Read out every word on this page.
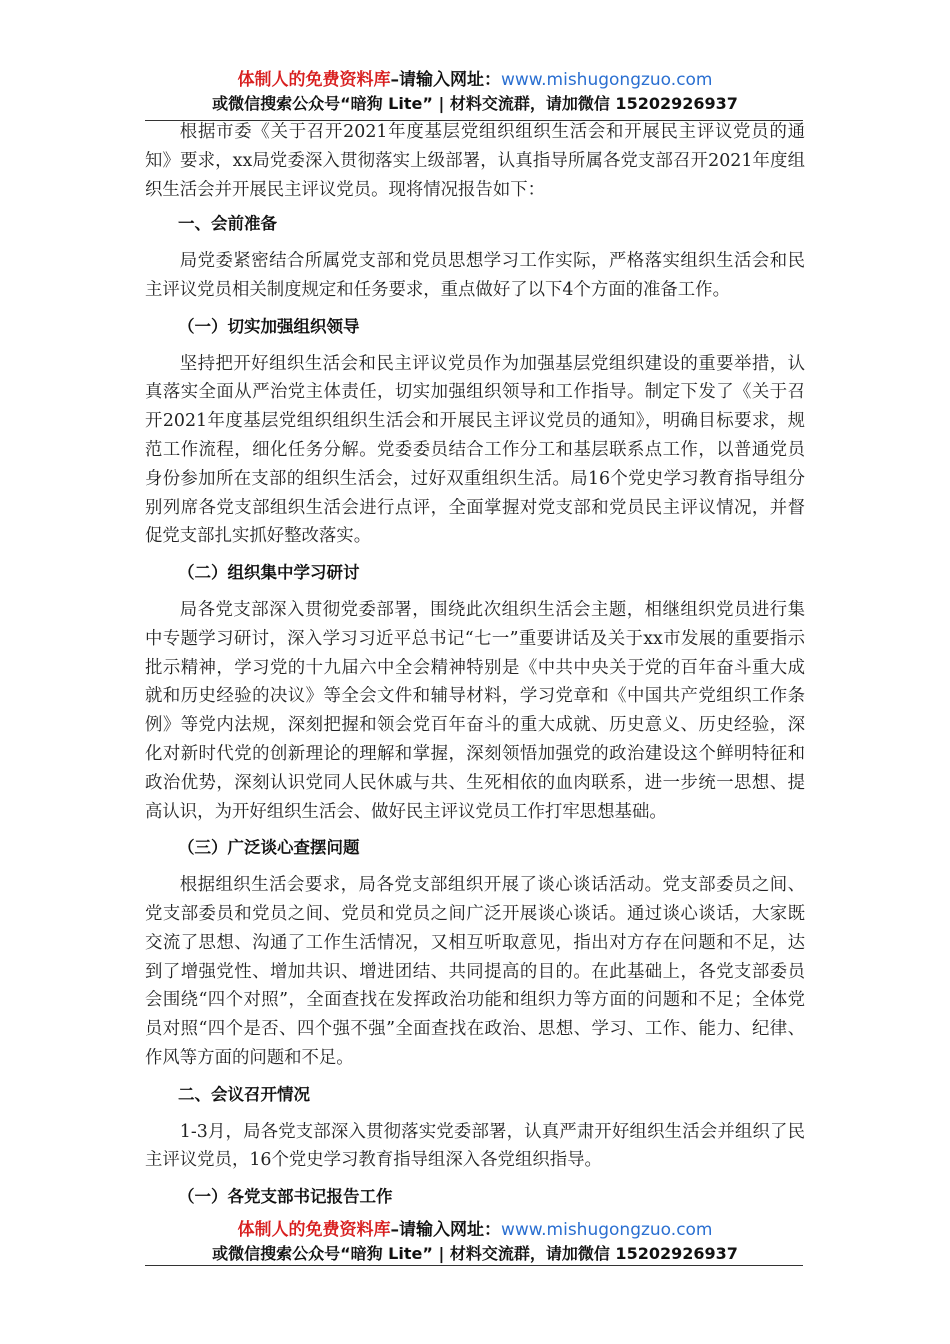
体制人的免费资料库–请输入网址：www.mishugongzuo.com
或微信搜索公众号“暗狗 Lite” | 材料交流群，请加微信 15202926937

根据市委《关于召开2021年度基层党组织组织生活会和开展民主评议党员的通知》要求，xx局党委深入贯彻落实上级部署，认真指导所属各党支部召开2021年度组织生活会并开展民主评议党员。现将情况报告如下：

一、会前准备

局党委紧密结合所属党支部和党员思想学习工作实际，严格落实组织生活会和民主评议党员相关制度规定和任务要求，重点做好了以下4个方面的准备工作。

（一）切实加强组织领导

坚持把开好组织生活会和民主评议党员作为加强基层党组织建设的重要举措，认真落实全面从严治党主体责任，切实加强组织领导和工作指导。制定下发了《关于召开2021年度基层党组织组织生活会和开展民主评议党员的通知》，明确目标要求，规范工作流程，细化任务分解。党委委员结合工作分工和基层联系点工作，以普通党员身份参加所在支部的组织生活会，过好双重组织生活。局16个党史学习教育指导组分别列席各党支部组织生活会进行点评，全面掌握对党支部和党员民主评议情况，并督促党支部扎实抓好整改落实。

（二）组织集中学习研讨

局各党支部深入贯彻党委部署，围绕此次组织生活会主题，相继组织党员进行集中专题学习研讨，深入学习习近平总书记“七一”重要讲话及关于xx市发展的重要指示批示精神，学习党的十九届六中全会精神特别是《中共中央关于党的百年奋斗重大成就和历史经验的决议》等全会文件和辅导材料，学习党章和《中国共产党组织工作条例》等党内法规，深刻把握和领会党百年奋斗的重大成就、历史意义、历史经验，深化对新时代党的创新理论的理解和掌握，深刻领悟加强党的政治建设这个鲜明特征和政治优势，深刻认识党同人民休戚与共、生死相依的血肉联系，进一步统一思想、提高认识，为开好组织生活会、做好民主评议党员工作打牢思想基础。

（三）广泛谈心查摆问题

根据组织生活会要求，局各党支部组织开展了谈心谈话活动。党支部委员之间、党支部委员和党员之间、党员和党员之间广泛开展谈心谈话。通过谈心谈话，大家既交流了思想、沟通了工作生活情况，又相互听取意见，指出对方存在问题和不足，达到了增强党性、增加共识、增进团结、共同提高的目的。在此基础上，各党支部委员会围绕“四个对照”，全面查找在发挥政治功能和组织力等方面的问题和不足；全体党员对照“四个是否、四个强不强”全面查找在政治、思想、学习、工作、能力、纪律、作风等方面的问题和不足。

二、会议召开情况

1-3月，局各党支部深入贯彻落实党委部署，认真严肃开好组织生活会并组织了民主评议党员，16个党史学习教育指导组深入各党组织指导。

（一）各党支部书记报告工作
体制人的免费资料库–请输入网址：www.mishugongzuo.com
或微信搜索公众号“暗狗 Lite” | 材料交流群，请加微信 15202926937
